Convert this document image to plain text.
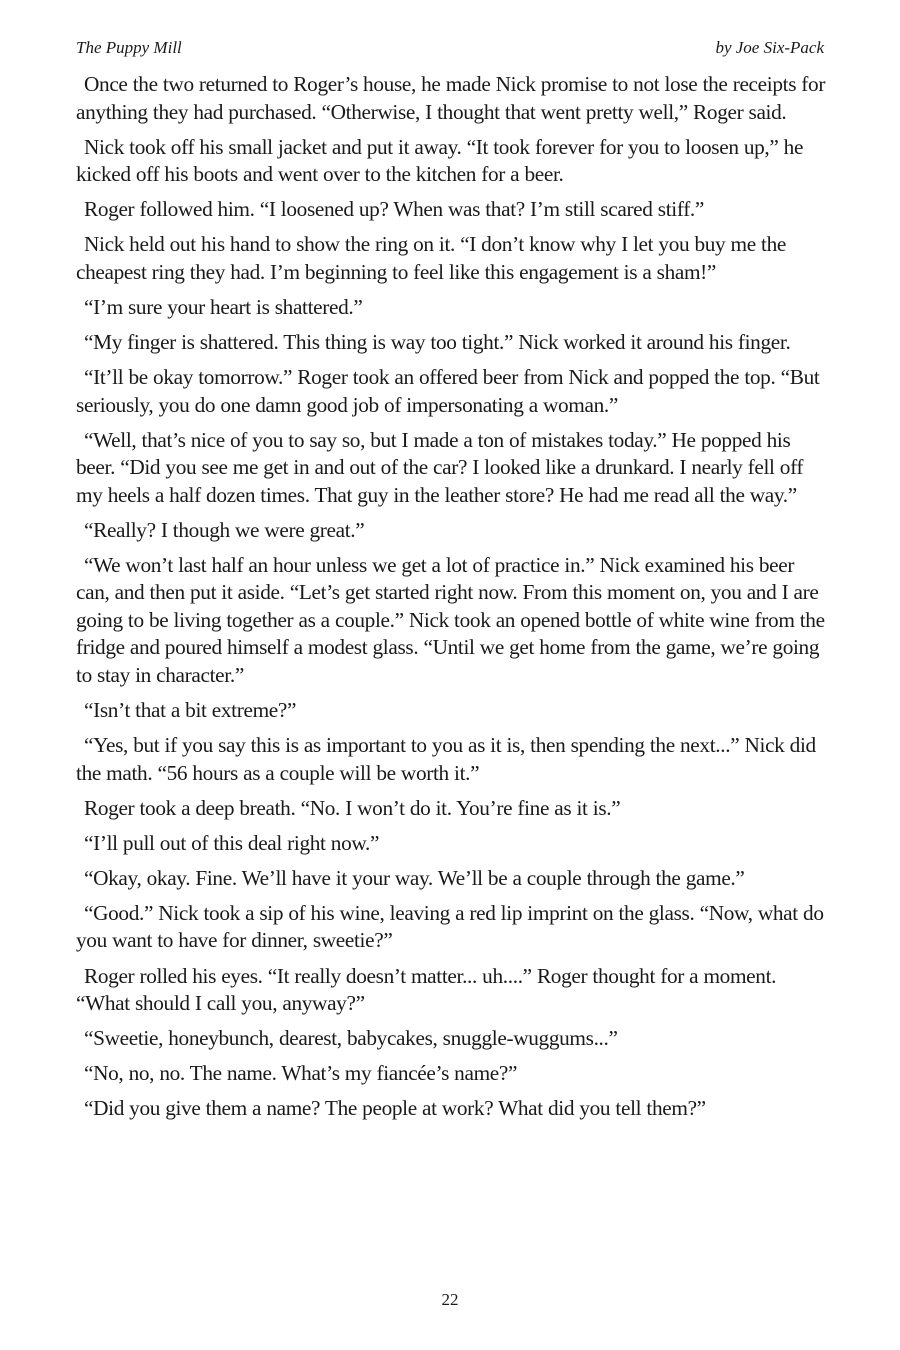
The Puppy Mill	by Joe Six-Pack

Once the two returned to Roger’s house, he made Nick promise to not lose the receipts for anything they had purchased. “Otherwise, I thought that went pretty well,” Roger said.

Nick took off his small jacket and put it away. “It took forever for you to loosen up,” he kicked off his boots and went over to the kitchen for a beer.

Roger followed him. “I loosened up? When was that? I’m still scared stiff.”

Nick held out his hand to show the ring on it. “I don’t know why I let you buy me the cheapest ring they had. I’m beginning to feel like this engagement is a sham!”

“I’m sure your heart is shattered.”

“My finger is shattered. This thing is way too tight.” Nick worked it around his finger.

“It’ll be okay tomorrow.” Roger took an offered beer from Nick and popped the top. “But seriously, you do one damn good job of impersonating a woman.”

“Well, that’s nice of you to say so, but I made a ton of mistakes today.” He popped his beer. “Did you see me get in and out of the car? I looked like a drunkard. I nearly fell off my heels a half dozen times. That guy in the leather store? He had me read all the way.”

“Really? I though we were great.”

“We won’t last half an hour unless we get a lot of practice in.” Nick examined his beer can, and then put it aside. “Let’s get started right now. From this moment on, you and I are going to be living together as a couple.” Nick took an opened bottle of white wine from the fridge and poured himself a modest glass. “Until we get home from the game, we’re going to stay in character.”

“Isn’t that a bit extreme?”

“Yes, but if you say this is as important to you as it is, then spending the next...” Nick did the math. “56 hours as a couple will be worth it.”

Roger took a deep breath. “No. I won’t do it. You’re fine as it is.”

“I’ll pull out of this deal right now.”

“Okay, okay. Fine. We’ll have it your way. We’ll be a couple through the game.”

“Good.” Nick took a sip of his wine, leaving a red lip imprint on the glass. “Now, what do you want to have for dinner, sweetie?”

Roger rolled his eyes. “It really doesn’t matter... uh....” Roger thought for a moment. “What should I call you, anyway?”

“Sweetie, honeybunch, dearest, babycakes, snuggle-wuggums...”

“No, no, no. The name. What’s my fiancée’s name?”

“Did you give them a name? The people at work? What did you tell them?”

22
